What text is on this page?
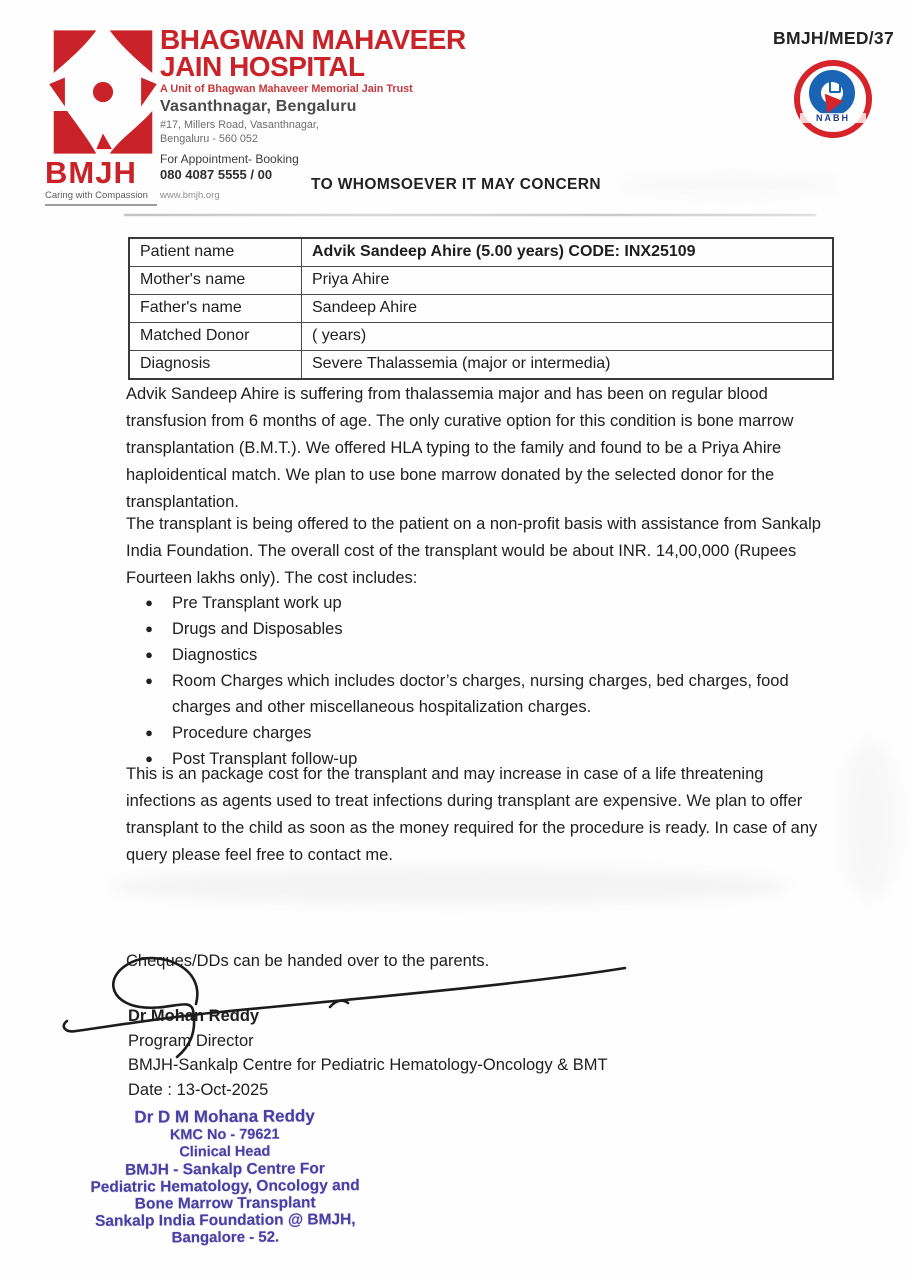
BMJH
Caring with Compassion
BHAGWAN MAHAVEER
JAIN HOSPITAL
A Unit of Bhagwan Mahaveer Memorial Jain Trust
Vasanthnagar, Bengaluru
#17, Millers Road, Vasanthnagar,
Bengaluru - 560 052
For Appointment- Booking
080 4087 5555 / 00
www.bmjh.org
BMJH/MED/37
NABH
TO WHOMSOEVER IT MAY CONCERN
Patient name	Advik Sandeep Ahire (5.00 years) CODE: INX25109
Mother's name	Priya Ahire
Father's name	Sandeep Ahire
Matched Donor	( years)
Diagnosis	Severe Thalassemia (major or intermedia)
Advik Sandeep Ahire is suffering from thalassemia major and has been on regular blood transfusion from 6 months of age. The only curative option for this condition is bone marrow transplantation (B.M.T.). We offered HLA typing to the family and found to be a Priya Ahire haploidentical match. We plan to use bone marrow donated by the selected donor for the transplantation.
The transplant is being offered to the patient on a non-profit basis with assistance from Sankalp India Foundation. The overall cost of the transplant would be about INR. 14,00,000 (Rupees Fourteen lakhs only). The cost includes:
●	Pre Transplant work up
●	Drugs and Disposables
●	Diagnostics
●	Room Charges which includes doctor’s charges, nursing charges, bed charges, food charges and other miscellaneous hospitalization charges.
●	Procedure charges
●	Post Transplant follow-up
This is an package cost for the transplant and may increase in case of a life threatening infections as agents used to treat infections during transplant are expensive. We plan to offer transplant to the child as soon as the money required for the procedure is ready. In case of any query please feel free to contact me.
Cheques/DDs can be handed over to the parents.
Dr Mohan Reddy
Program Director
BMJH-Sankalp Centre for Pediatric Hematology-Oncology & BMT
Date : 13-Oct-2025
Dr D M Mohana Reddy
KMC No - 79621
Clinical Head
BMJH - Sankalp Centre For
Pediatric Hematology, Oncology and
Bone Marrow Transplant
Sankalp India Foundation @ BMJH,
Bangalore - 52.
